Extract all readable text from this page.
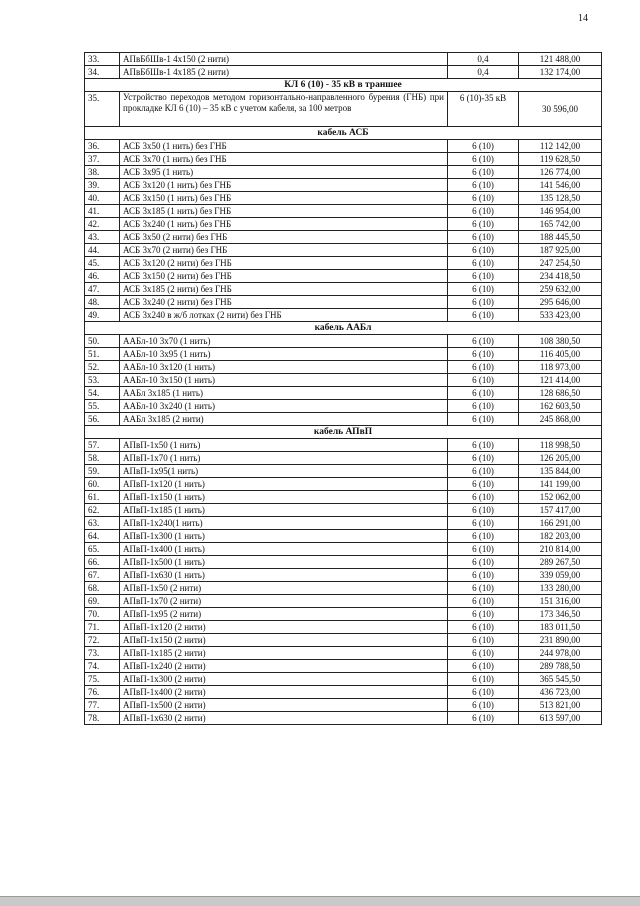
14
33.	АПвБбШв-1 4х150 (2 нити)	0,4	121 488,00
34.	АПвБбШв-1 4х185 (2 нити)	0,4	132 174,00
КЛ 6 (10) - 35 кВ в траншее			
35.	Устройство переходов методом горизонтально-направленного бурения (ГНБ) при прокладке КЛ 6 (10) – 35 кВ с учетом кабеля, за 100 метров	6 (10)-35 кВ	30 596,00
кабель АСБ			
36.	АСБ 3х50 (1 нить) без ГНБ	6 (10)	112 142,00
37.	АСБ 3х70 (1 нить) без ГНБ	6 (10)	119 628,50
38.	АСБ 3х95 (1 нить)	6 (10)	126 774,00
39.	АСБ 3х120 (1 нить) без ГНБ	6 (10)	141 546,00
40.	АСБ 3х150 (1 нить) без ГНБ	6 (10)	135 128,50
41.	АСБ 3х185 (1 нить) без ГНБ	6 (10)	146 954,00
42.	АСБ 3х240 (1 нить) без ГНБ	6 (10)	165 742,00
43.	АСБ 3х50 (2 нити) без ГНБ	6 (10)	188 445,50
44.	АСБ 3х70 (2 нити) без ГНБ	6 (10)	187 925,00
45.	АСБ 3х120 (2 нити) без ГНБ	6 (10)	247 254,50
46.	АСБ 3х150 (2 нити) без ГНБ	6 (10)	234 418,50
47.	АСБ 3х185 (2 нити) без ГНБ	6 (10)	259 632,00
48.	АСБ 3х240 (2 нити) без ГНБ	6 (10)	295 646,00
49.	АСБ 3х240 в ж/б лотках (2 нити) без ГНБ	6 (10)	533 423,00
кабель ААБл			
50.	ААБл-10 3х70 (1 нить)	6 (10)	108 380,50
51.	ААБл-10 3х95 (1 нить)	6 (10)	116 405,00
52.	ААБл-10 3х120 (1 нить)	6 (10)	118 973,00
53.	ААБл-10 3х150 (1 нить)	6 (10)	121 414,00
54.	ААБл 3х185 (1 нить)	6 (10)	128 686,50
55.	ААБл-10 3х240 (1 нить)	6 (10)	162 603,50
56.	ААБл 3х185 (2 нити)	6 (10)	245 868,00
кабель АПвП			
57.	АПвП-1х50 (1 нить)	6 (10)	118 998,50
58.	АПвП-1х70 (1 нить)	6 (10)	126 205,00
59.	АПвП-1х95(1 нить)	6 (10)	135 844,00
60.	АПвП-1х120 (1 нить)	6 (10)	141 199,00
61.	АПвП-1х150 (1 нить)	6 (10)	152 062,00
62.	АПвП-1х185 (1 нить)	6 (10)	157 417,00
63.	АПвП-1х240(1 нить)	6 (10)	166 291,00
64.	АПвП-1х300 (1 нить)	6 (10)	182 203,00
65.	АПвП-1х400 (1 нить)	6 (10)	210 814,00
66.	АПвП-1х500 (1 нить)	6 (10)	289 267,50
67.	АПвП-1х630 (1 нить)	6 (10)	339 059,00
68.	АПвП-1х50 (2 нити)	6 (10)	133 280,00
69.	АПвП-1х70 (2 нити)	6 (10)	151 316,00
70.	АПвП-1х95 (2 нити)	6 (10)	173 346,50
71.	АПвП-1х120 (2 нити)	6 (10)	183 011,50
72.	АПвП-1х150 (2 нити)	6 (10)	231 890,00
73.	АПвП-1х185 (2 нити)	6 (10)	244 978,00
74.	АПвП-1х240 (2 нити)	6 (10)	289 788,50
75.	АПвП-1х300 (2 нити)	6 (10)	365 545,50
76.	АПвП-1х400 (2 нити)	6 (10)	436 723,00
77.	АПвП-1х500 (2 нити)	6 (10)	513 821,00
78.	АПвП-1х630 (2 нити)	6 (10)	613 597,00
